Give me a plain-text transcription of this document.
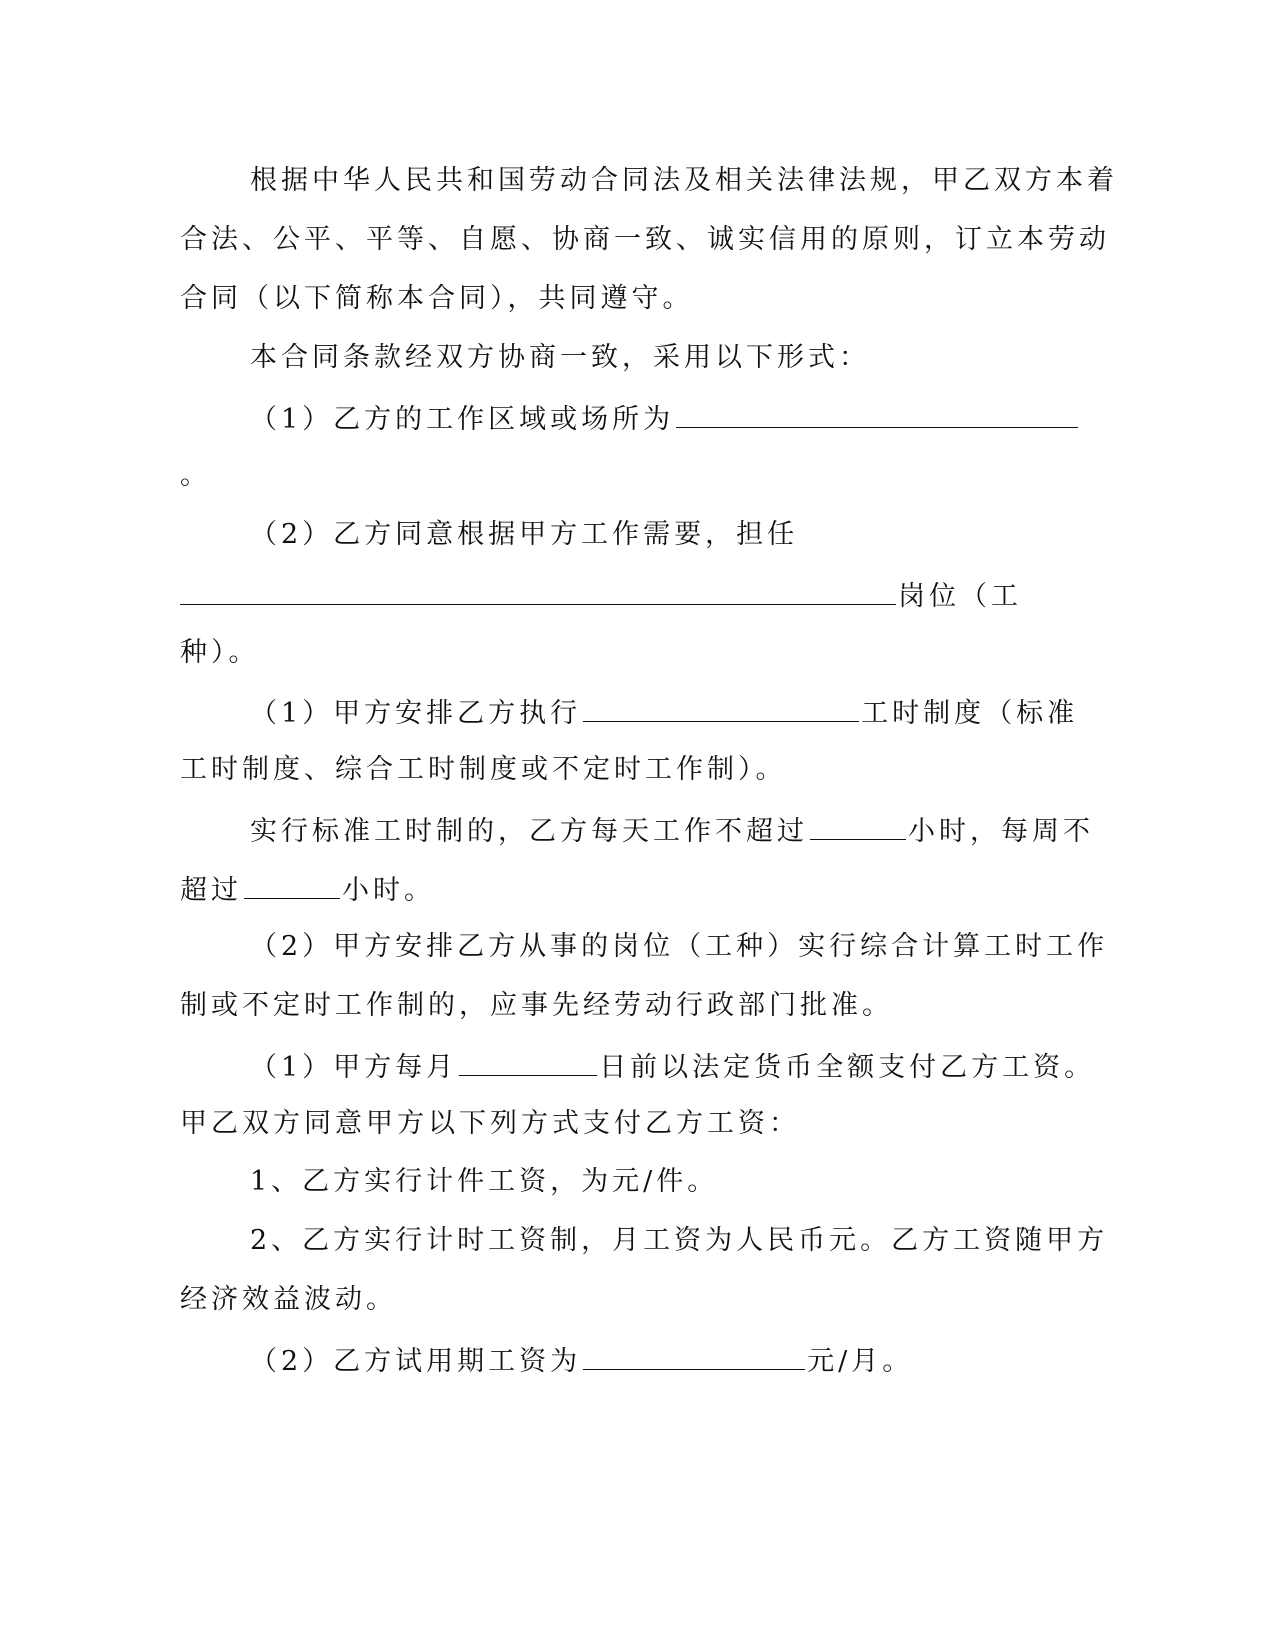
根据中华人民共和国劳动合同法及相关法律法规，甲乙双方本着
合法、公平、平等、自愿、协商一致、诚实信用的原则，订立本劳动
合同（以下简称本合同），共同遵守。
本合同条款经双方协商一致，采用以下形式：
（1）乙方的工作区域或场所为
。
（2）乙方同意根据甲方工作需要，担任
岗位（工
种）。
（1）甲方安排乙方执行	工时制度（标准
工时制度、综合工时制度或不定时工作制）。
实行标准工时制的，乙方每天工作不超过	小时，每周不
超过	小时。
（2）甲方安排乙方从事的岗位（工种）实行综合计算工时工作
制或不定时工作制的，应事先经劳动行政部门批准。
（1）甲方每月	日前以法定货币全额支付乙方工资。
甲乙双方同意甲方以下列方式支付乙方工资：
1、乙方实行计件工资，为元/件。
2、乙方实行计时工资制，月工资为人民币元。乙方工资随甲方
经济效益波动。
（2）乙方试用期工资为	元/月。
